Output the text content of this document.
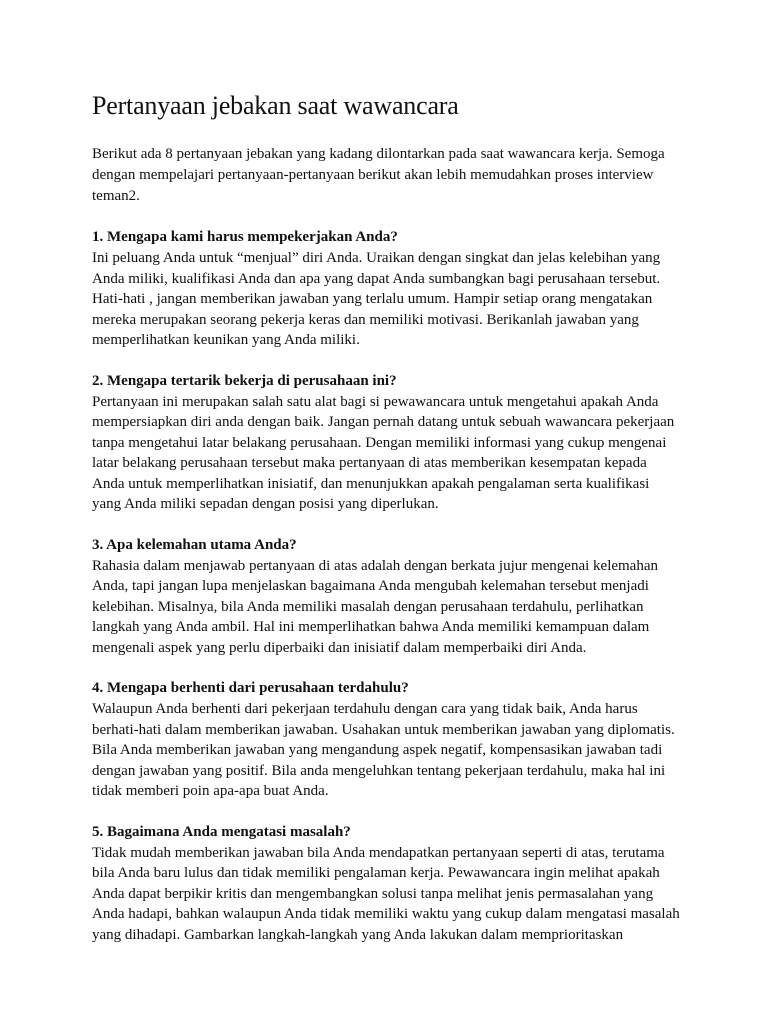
Pertanyaan jebakan saat wawancara

Berikut ada 8 pertanyaan jebakan yang kadang dilontarkan pada saat wawancara kerja. Semoga dengan mempelajari pertanyaan-pertanyaan berikut akan lebih memudahkan proses interview teman2.

1. Mengapa kami harus mempekerjakan Anda?

Ini peluang Anda untuk “menjual” diri Anda. Uraikan dengan singkat dan jelas kelebihan yang Anda miliki, kualifikasi Anda dan apa yang dapat Anda sumbangkan bagi perusahaan tersebut. Hati-hati , jangan memberikan jawaban yang terlalu umum. Hampir setiap orang mengatakan mereka merupakan seorang pekerja keras dan memiliki motivasi. Berikanlah jawaban yang memperlihatkan keunikan yang Anda miliki.

2. Mengapa tertarik bekerja di perusahaan ini?

Pertanyaan ini merupakan salah satu alat bagi si pewawancara untuk mengetahui apakah Anda mempersiapkan diri anda dengan baik. Jangan pernah datang untuk sebuah wawancara pekerjaan tanpa mengetahui latar belakang perusahaan. Dengan memiliki informasi yang cukup mengenai latar belakang perusahaan tersebut maka pertanyaan di atas memberikan kesempatan kepada Anda untuk memperlihatkan inisiatif, dan menunjukkan apakah pengalaman serta kualifikasi yang Anda miliki sepadan dengan posisi yang diperlukan.

3. Apa kelemahan utama Anda?

Rahasia dalam menjawab pertanyaan di atas adalah dengan berkata jujur mengenai kelemahan Anda, tapi jangan lupa menjelaskan bagaimana Anda mengubah kelemahan tersebut menjadi kelebihan. Misalnya, bila Anda memiliki masalah dengan perusahaan terdahulu, perlihatkan langkah yang Anda ambil. Hal ini memperlihatkan bahwa Anda memiliki kemampuan dalam mengenali aspek yang perlu diperbaiki dan inisiatif dalam memperbaiki diri Anda.

4. Mengapa berhenti dari perusahaan terdahulu?

Walaupun Anda berhenti dari pekerjaan terdahulu dengan cara yang tidak baik, Anda harus berhati-hati dalam memberikan jawaban. Usahakan untuk memberikan jawaban yang diplomatis. Bila Anda memberikan jawaban yang mengandung aspek negatif, kompensasikan jawaban tadi dengan jawaban yang positif. Bila anda mengeluhkan tentang pekerjaan terdahulu, maka hal ini tidak memberi poin apa-apa buat Anda.

5. Bagaimana Anda mengatasi masalah?

Tidak mudah memberikan jawaban bila Anda mendapatkan pertanyaan seperti di atas, terutama bila Anda baru lulus dan tidak memiliki pengalaman kerja. Pewawancara ingin melihat apakah Anda dapat berpikir kritis dan mengembangkan solusi tanpa melihat jenis permasalahan yang Anda hadapi, bahkan walaupun Anda tidak memiliki waktu yang cukup dalam mengatasi masalah yang dihadapi. Gambarkan langkah-langkah yang Anda lakukan dalam memprioritaskan
